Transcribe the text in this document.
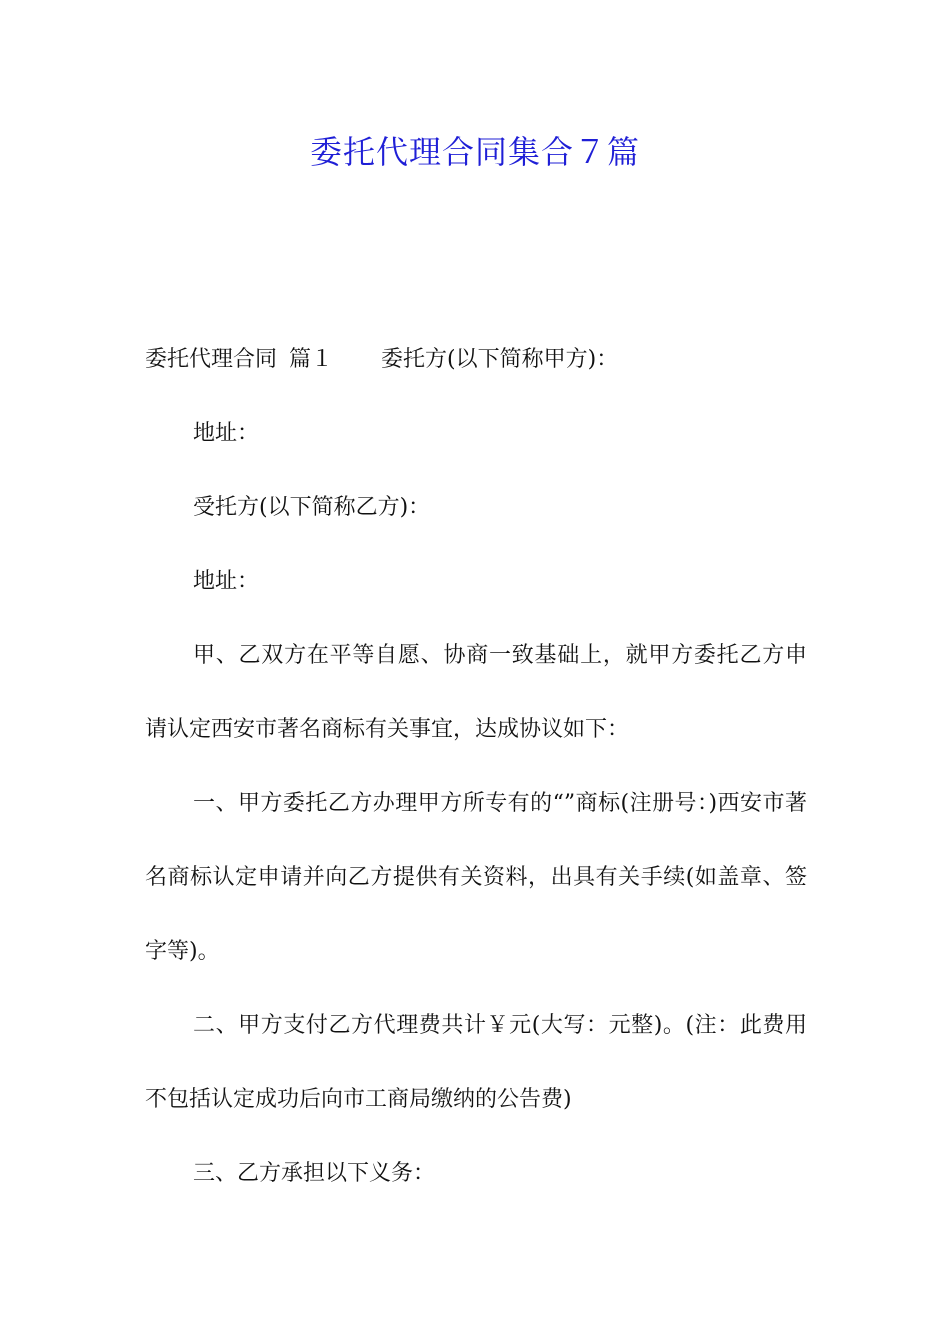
委托代理合同集合７篇

委托代理合同 篇１ 委托方(以下简称甲方)：

地址：

受托方(以下简称乙方)：

地址：

甲、乙双方在平等自愿、协商一致基础上，就甲方委托乙方申请认定西安市著名商标有关事宜，达成协议如下：

一、甲方委托乙方办理甲方所专有的“”商标(注册号：)西安市著名商标认定申请并向乙方提供有关资料，出具有关手续(如盖章、签字等)。

二、甲方支付乙方代理费共计￥元(大写：元整)。(注：此费用不包括认定成功后向市工商局缴纳的公告费)

三、乙方承担以下义务：
